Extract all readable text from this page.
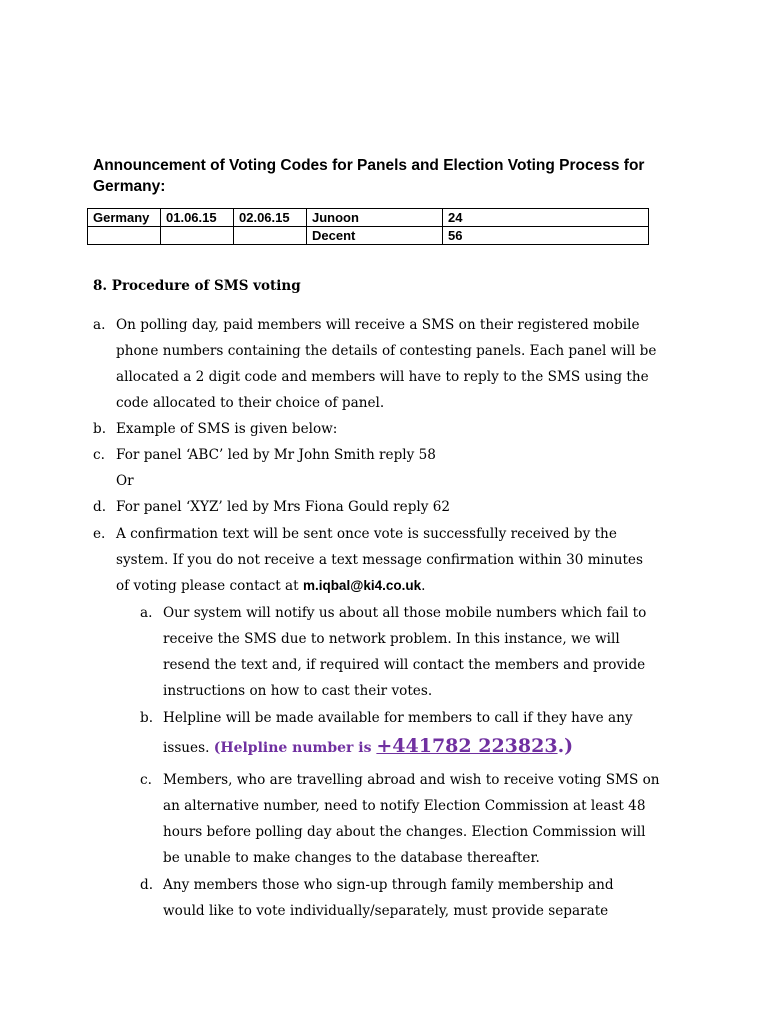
Announcement of Voting Codes for Panels and Election Voting Process for Germany:
Germany	01.06.15	02.06.15	Junoon	24
			Decent	56
8. Procedure of SMS voting
a. On polling day, paid members will receive a SMS on their registered mobile
phone numbers containing the details of contesting panels. Each panel will be
allocated a 2 digit code and members will have to reply to the SMS using the
code allocated to their choice of panel.
b. Example of SMS is given below:
c. For panel ‘ABC’ led by Mr John Smith reply 58
Or
d. For panel ‘XYZ’ led by Mrs Fiona Gould reply 62
e. A confirmation text will be sent once vote is successfully received by the
system. If you do not receive a text message confirmation within 30 minutes
of voting please contact at m.iqbal@ki4.co.uk.
a. Our system will notify us about all those mobile numbers which fail to
receive the SMS due to network problem. In this instance, we will
resend the text and, if required will contact the members and provide
instructions on how to cast their votes.
b. Helpline will be made available for members to call if they have any
issues. (Helpline number is +441782 223823.)
c. Members, who are travelling abroad and wish to receive voting SMS on
an alternative number, need to notify Election Commission at least 48
hours before polling day about the changes. Election Commission will
be unable to make changes to the database thereafter.
d. Any members those who sign-up through family membership and
would like to vote individually/separately, must provide separate
